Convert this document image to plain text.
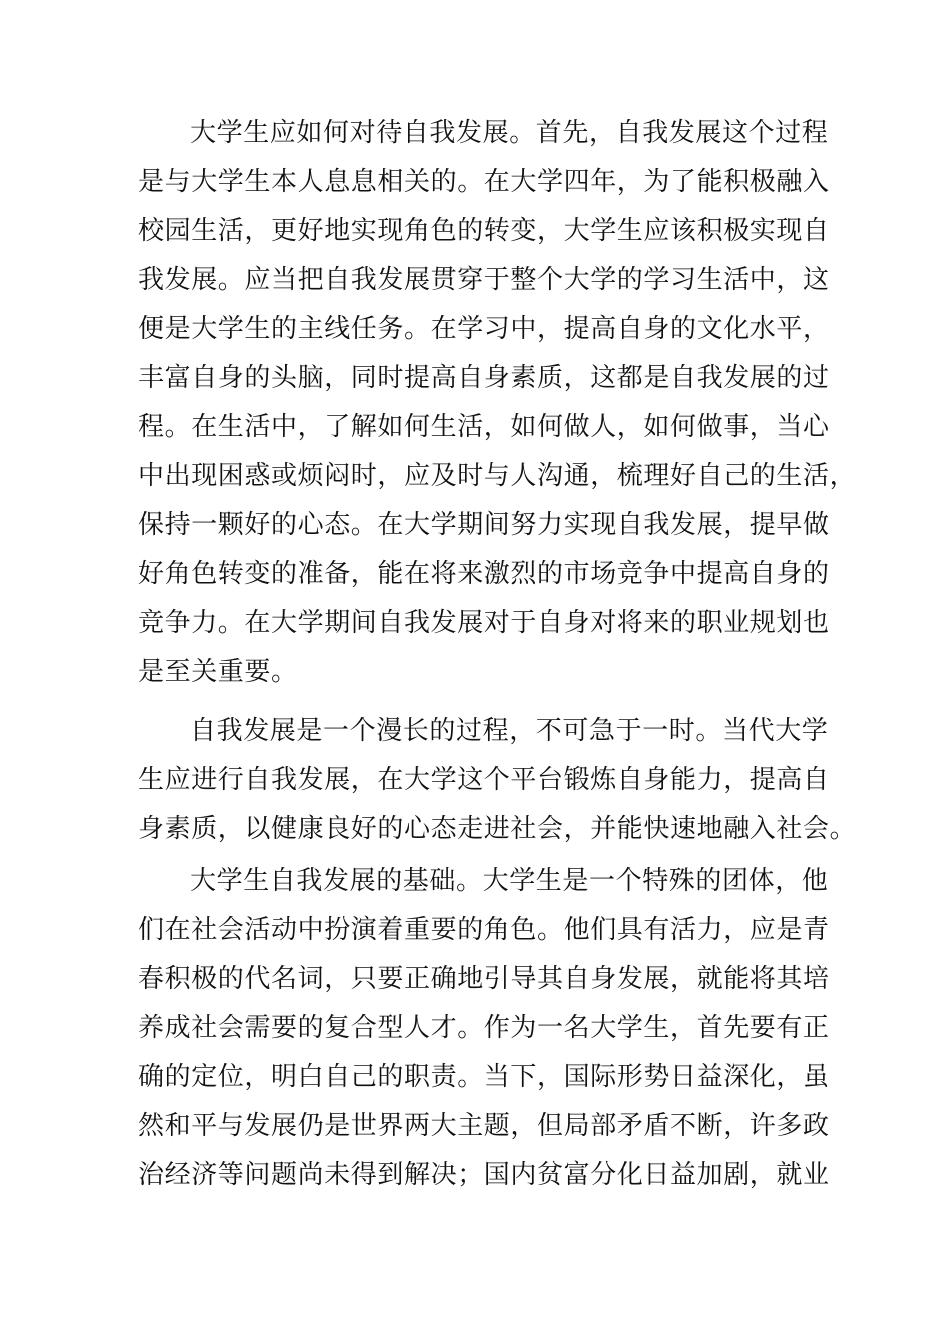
大学生应如何对待自我发展。首先，自我发展这个过程
是与大学生本人息息相关的。在大学四年，为了能积极融入
校园生活，更好地实现角色的转变，大学生应该积极实现自
我发展。应当把自我发展贯穿于整个大学的学习生活中，这
便是大学生的主线任务。在学习中，提高自身的文化水平，
丰富自身的头脑，同时提高自身素质，这都是自我发展的过
程。在生活中，了解如何生活，如何做人，如何做事，当心
中出现困惑或烦闷时，应及时与人沟通，梳理好自己的生活，
保持一颗好的心态。在大学期间努力实现自我发展，提早做
好角色转变的准备，能在将来激烈的市场竞争中提高自身的
竞争力。在大学期间自我发展对于自身对将来的职业规划也
是至关重要。
自我发展是一个漫长的过程，不可急于一时。当代大学
生应进行自我发展，在大学这个平台锻炼自身能力，提高自
身素质，以健康良好的心态走进社会，并能快速地融入社会。
大学生自我发展的基础。大学生是一个特殊的团体，他
们在社会活动中扮演着重要的角色。他们具有活力，应是青
春积极的代名词，只要正确地引导其自身发展，就能将其培
养成社会需要的复合型人才。作为一名大学生，首先要有正
确的定位，明白自己的职责。当下，国际形势日益深化，虽
然和平与发展仍是世界两大主题，但局部矛盾不断，许多政
治经济等问题尚未得到解决；国内贫富分化日益加剧，就业
